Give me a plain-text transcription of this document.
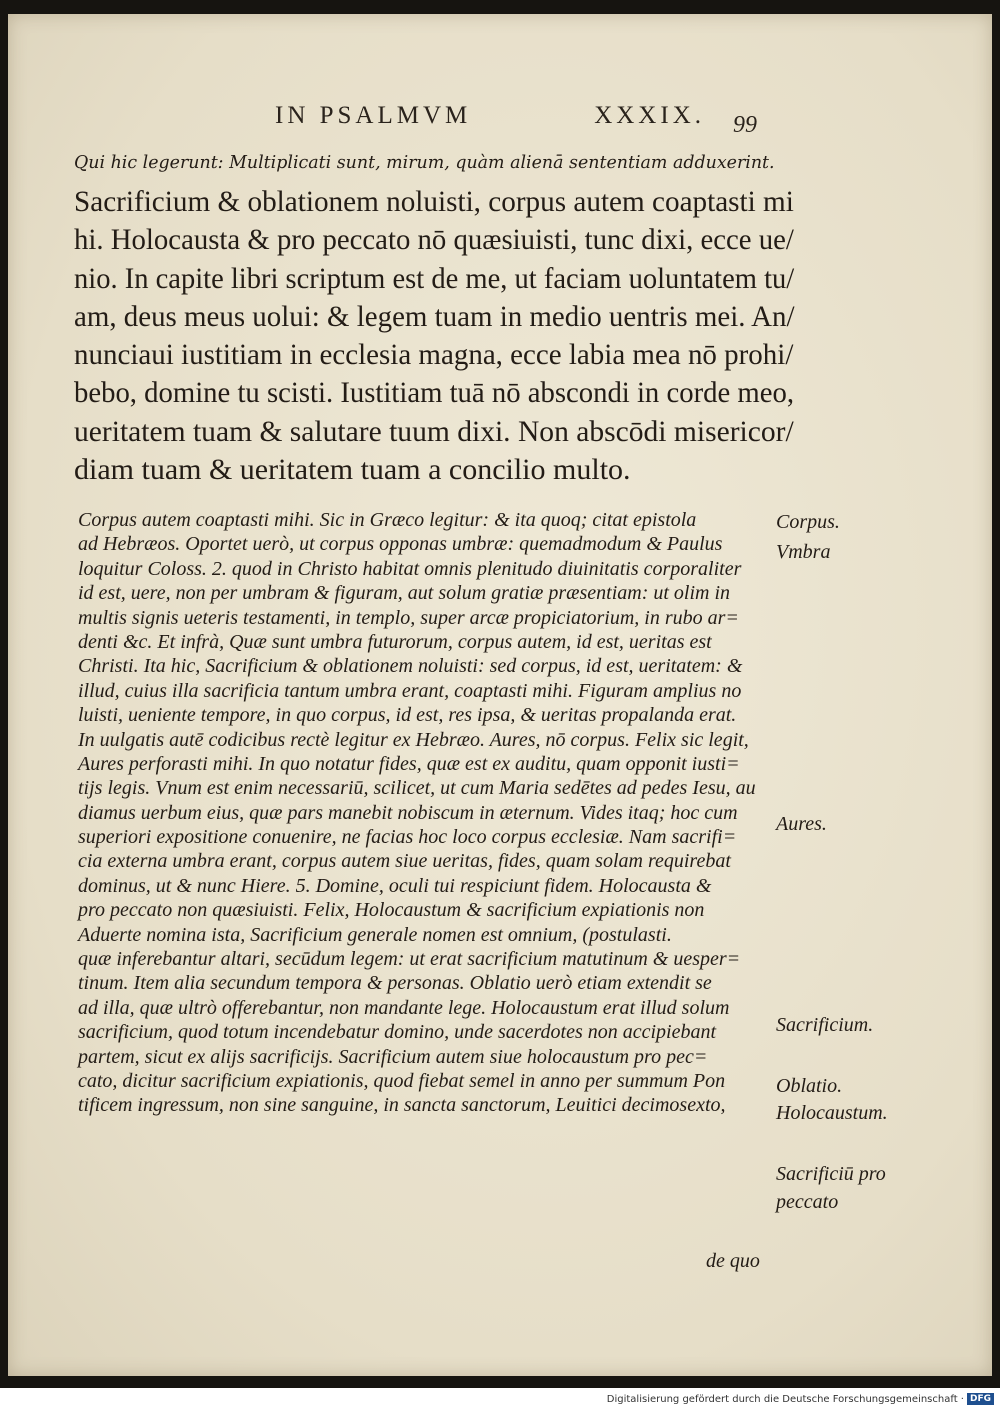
IN PSALMVM	XXXIX. 99
Qui hic legerunt: Multiplicati sunt, mirum, quàm alienā sententiam adduxerint.
Sacrificium & oblationem noluisti, corpus autem coaptasti mi
hi. Holocausta & pro peccato nō quæsiuisti, tunc dixi, ecce ue/
nio. In capite libri scriptum est de me, ut faciam uoluntatem tu/
am, deus meus uolui: & legem tuam in medio uentris mei. An/
nunciaui iustitiam in ecclesia magna, ecce labia mea nō prohi/
bebo, domine tu scisti. Iustitiam tuā nō abscondi in corde meo,
ueritatem tuam & salutare tuum dixi. Non abscōdi misericor/
diam tuam & ueritatem tuam a concilio multo.
Corpus autem coaptasti mihi. Sic in Græco legitur: & ita quoq; citat epistola
ad Hebræos. Oportet uerò, ut corpus opponas umbræ: quemadmodum & Paulus
loquitur Coloss. 2. quod in Christo habitat omnis plenitudo diuinitatis corporaliter
id est, uere, non per umbram & figuram, aut solum gratiæ præsentiam: ut olim in
multis signis ueteris testamenti, in templo, super arcæ propiciatorium, in rubo ar=
denti &c. Et infrà, Quæ sunt umbra futurorum, corpus autem, id est, ueritas est
Christi. Ita hic, Sacrificium & oblationem noluisti: sed corpus, id est, ueritatem: &
illud, cuius illa sacrificia tantum umbra erant, coaptasti mihi. Figuram amplius no
luisti, ueniente tempore, in quo corpus, id est, res ipsa, & ueritas propalanda erat.
In uulgatis autē codicibus rectè legitur ex Hebræo. Aures, nō corpus. Felix sic legit,
Aures perforasti mihi. In quo notatur fides, quæ est ex auditu, quam opponit iusti=
tijs legis. Vnum est enim necessariū, scilicet, ut cum Maria sedētes ad pedes Iesu, au
diamus uerbum eius, quæ pars manebit nobiscum in æternum. Vides itaq; hoc cum
superiori expositione conuenire, ne facias hoc loco corpus ecclesiæ. Nam sacrifi=
cia externa umbra erant, corpus autem siue ueritas, fides, quam solam requirebat
dominus, ut & nunc Hiere. 5. Domine, oculi tui respiciunt fidem. Holocausta &
pro peccato non quæsiuisti. Felix, Holocaustum & sacrificium expiationis non
Aduerte nomina ista, Sacrificium generale nomen est omnium, (postulasti.
quæ inferebantur altari, secūdum legem: ut erat sacrificium matutinum & uesper=
tinum. Item alia secundum tempora & personas. Oblatio uerò etiam extendit se
ad illa, quæ ultrò offerebantur, non mandante lege. Holocaustum erat illud solum
sacrificium, quod totum incendebatur domino, unde sacerdotes non accipiebant
partem, sicut ex alijs sacrificijs. Sacrificium autem siue holocaustum pro pec=
cato, dicitur sacrificium expiationis, quod fiebat semel in anno per summum Pon
tificem ingressum, non sine sanguine, in sancta sanctorum, Leuitici decimosexto,
Corpus.
Vmbra
Aures.
Sacrificium.
Oblatio.
Holocaustum.
Sacrificiū pro
peccato
de quo
Digitalisierung gefördert durch die Deutsche Forschungsgemeinschaft · DFG
